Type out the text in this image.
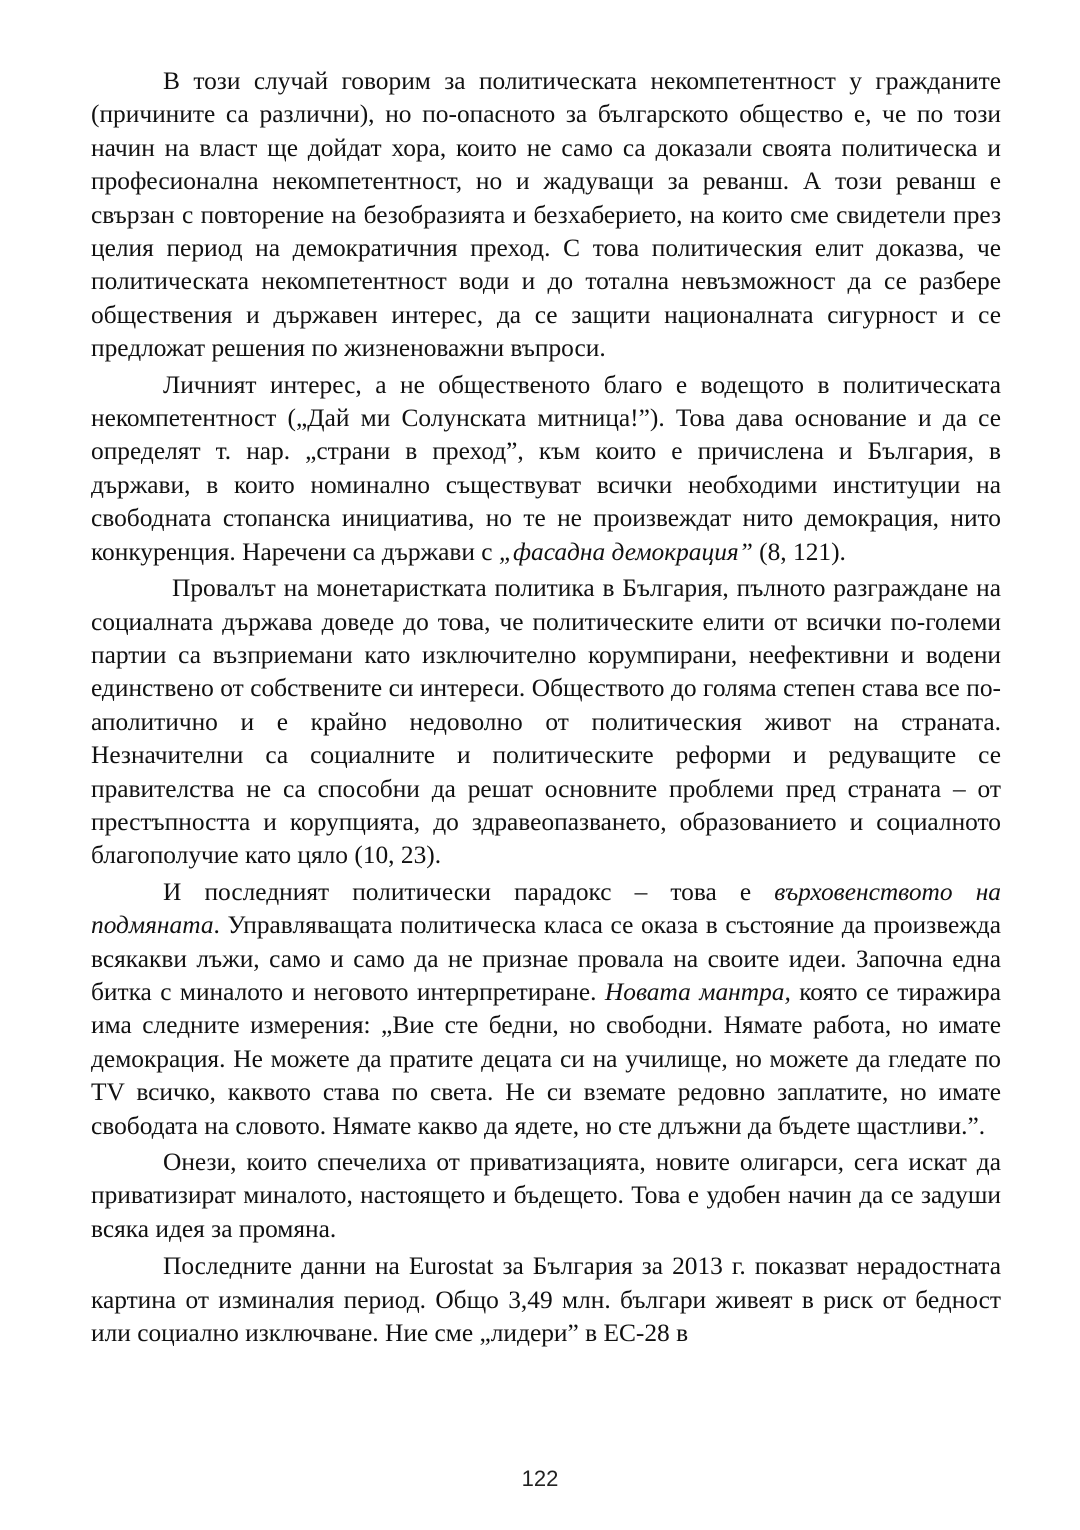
В този случай говорим за политическата некомпетентност у гражданите (причините са различни), но по-опасното за българското общество е, че по този начин на власт ще дойдат хора, които не само са доказали своята политическа и професионална некомпетентност, но и жадуващи за реванш. А този реванш е свързан с повторение на безобразията и безхаберието, на които сме свидетели през целия период на демократичния преход. С това политическия елит доказва, че политическата некомпетентност води и до тотална невъзможност да се разбере обществения и държавен интерес, да се защити националната сигурност и се предложат решения по жизненоважни въпроси.

Личният интерес, а не общественото благо е водещото в политическата некомпетентност („Дай ми Солунската митница!”). Това дава основание и да се определят т. нар. „страни в преход”, към които е причислена и България, в държави, в които номинално съществуват всички необходими институции на свободната стопанска инициатива, но те не произвеждат нито демокрация, нито конкуренция. Наречени са държави с „фасадна демокрация” (8, 121).

Провалът на монетаристката политика в България, пълното разграждане на социалната държава доведе до това, че политическите елити от всички по-големи партии са възприемани като изключително корумпирани, неефективни и водени единствено от собствените си интереси. Обществото до голяма степен става все по-аполитично и е крайно недоволно от политическия живот на страната. Незначителни са социалните и политическите реформи и редуващите се правителства не са способни да решат основните проблеми пред страната – от престъпността и корупцията, до здравеопазването, образованието и социалното благополучие като цяло (10, 23).

И последният политически парадокс – това е върховенството на подмяната. Управляващата политическа класа се оказа в състояние да произвежда всякакви лъжи, само и само да не признае провала на своите идеи. Започна една битка с миналото и неговото интерпретиране. Новата мантра, която се тиражира има следните измерения: „Вие сте бедни, но свободни. Нямате работа, но имате демокрация. Не можете да пратите децата си на училище, но можете да гледате по TV всичко, каквото става по света. Не си вземате редовно заплатите, но имате свободата на словото. Нямате какво да ядете, но сте длъжни да бъдете щастливи.”.

Онези, които спечелиха от приватизацията, новите олигарси, сега искат да приватизират миналото, настоящето и бъдещето. Това е удобен начин да се задуши всяка идея за промяна.

Последните данни на Eurostat за България за 2013 г. показват нерадостната картина от изминалия период. Общо 3,49 млн. българи живеят в риск от бедност или социално изключване. Ние сме „лидери” в ЕС-28 в

122
